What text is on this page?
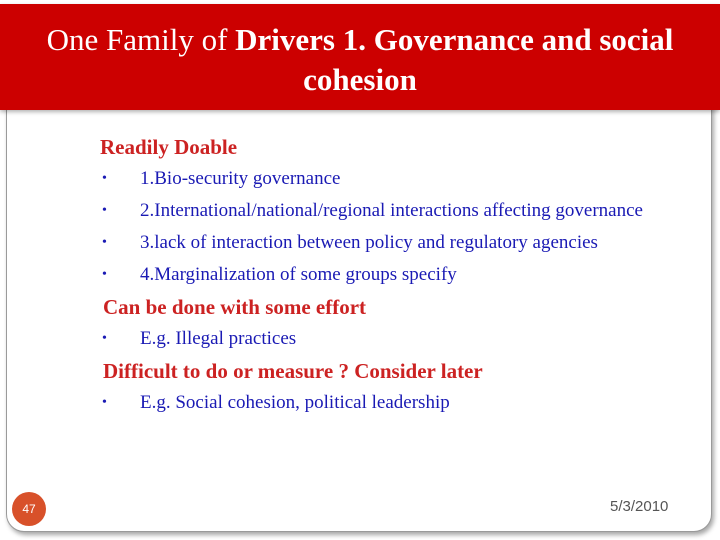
One Family of Drivers 1. Governance and social cohesion
Readily Doable
• 1.Bio-security governance
• 2.International/national/regional interactions affecting governance
• 3.lack of interaction between policy and regulatory agencies
• 4.Marginalization of some groups specify
Can be done with some effort
• E.g. Illegal practices
Difficult to do or measure ? Consider later
• E.g. Social cohesion, political leadership
47	5/3/2010
